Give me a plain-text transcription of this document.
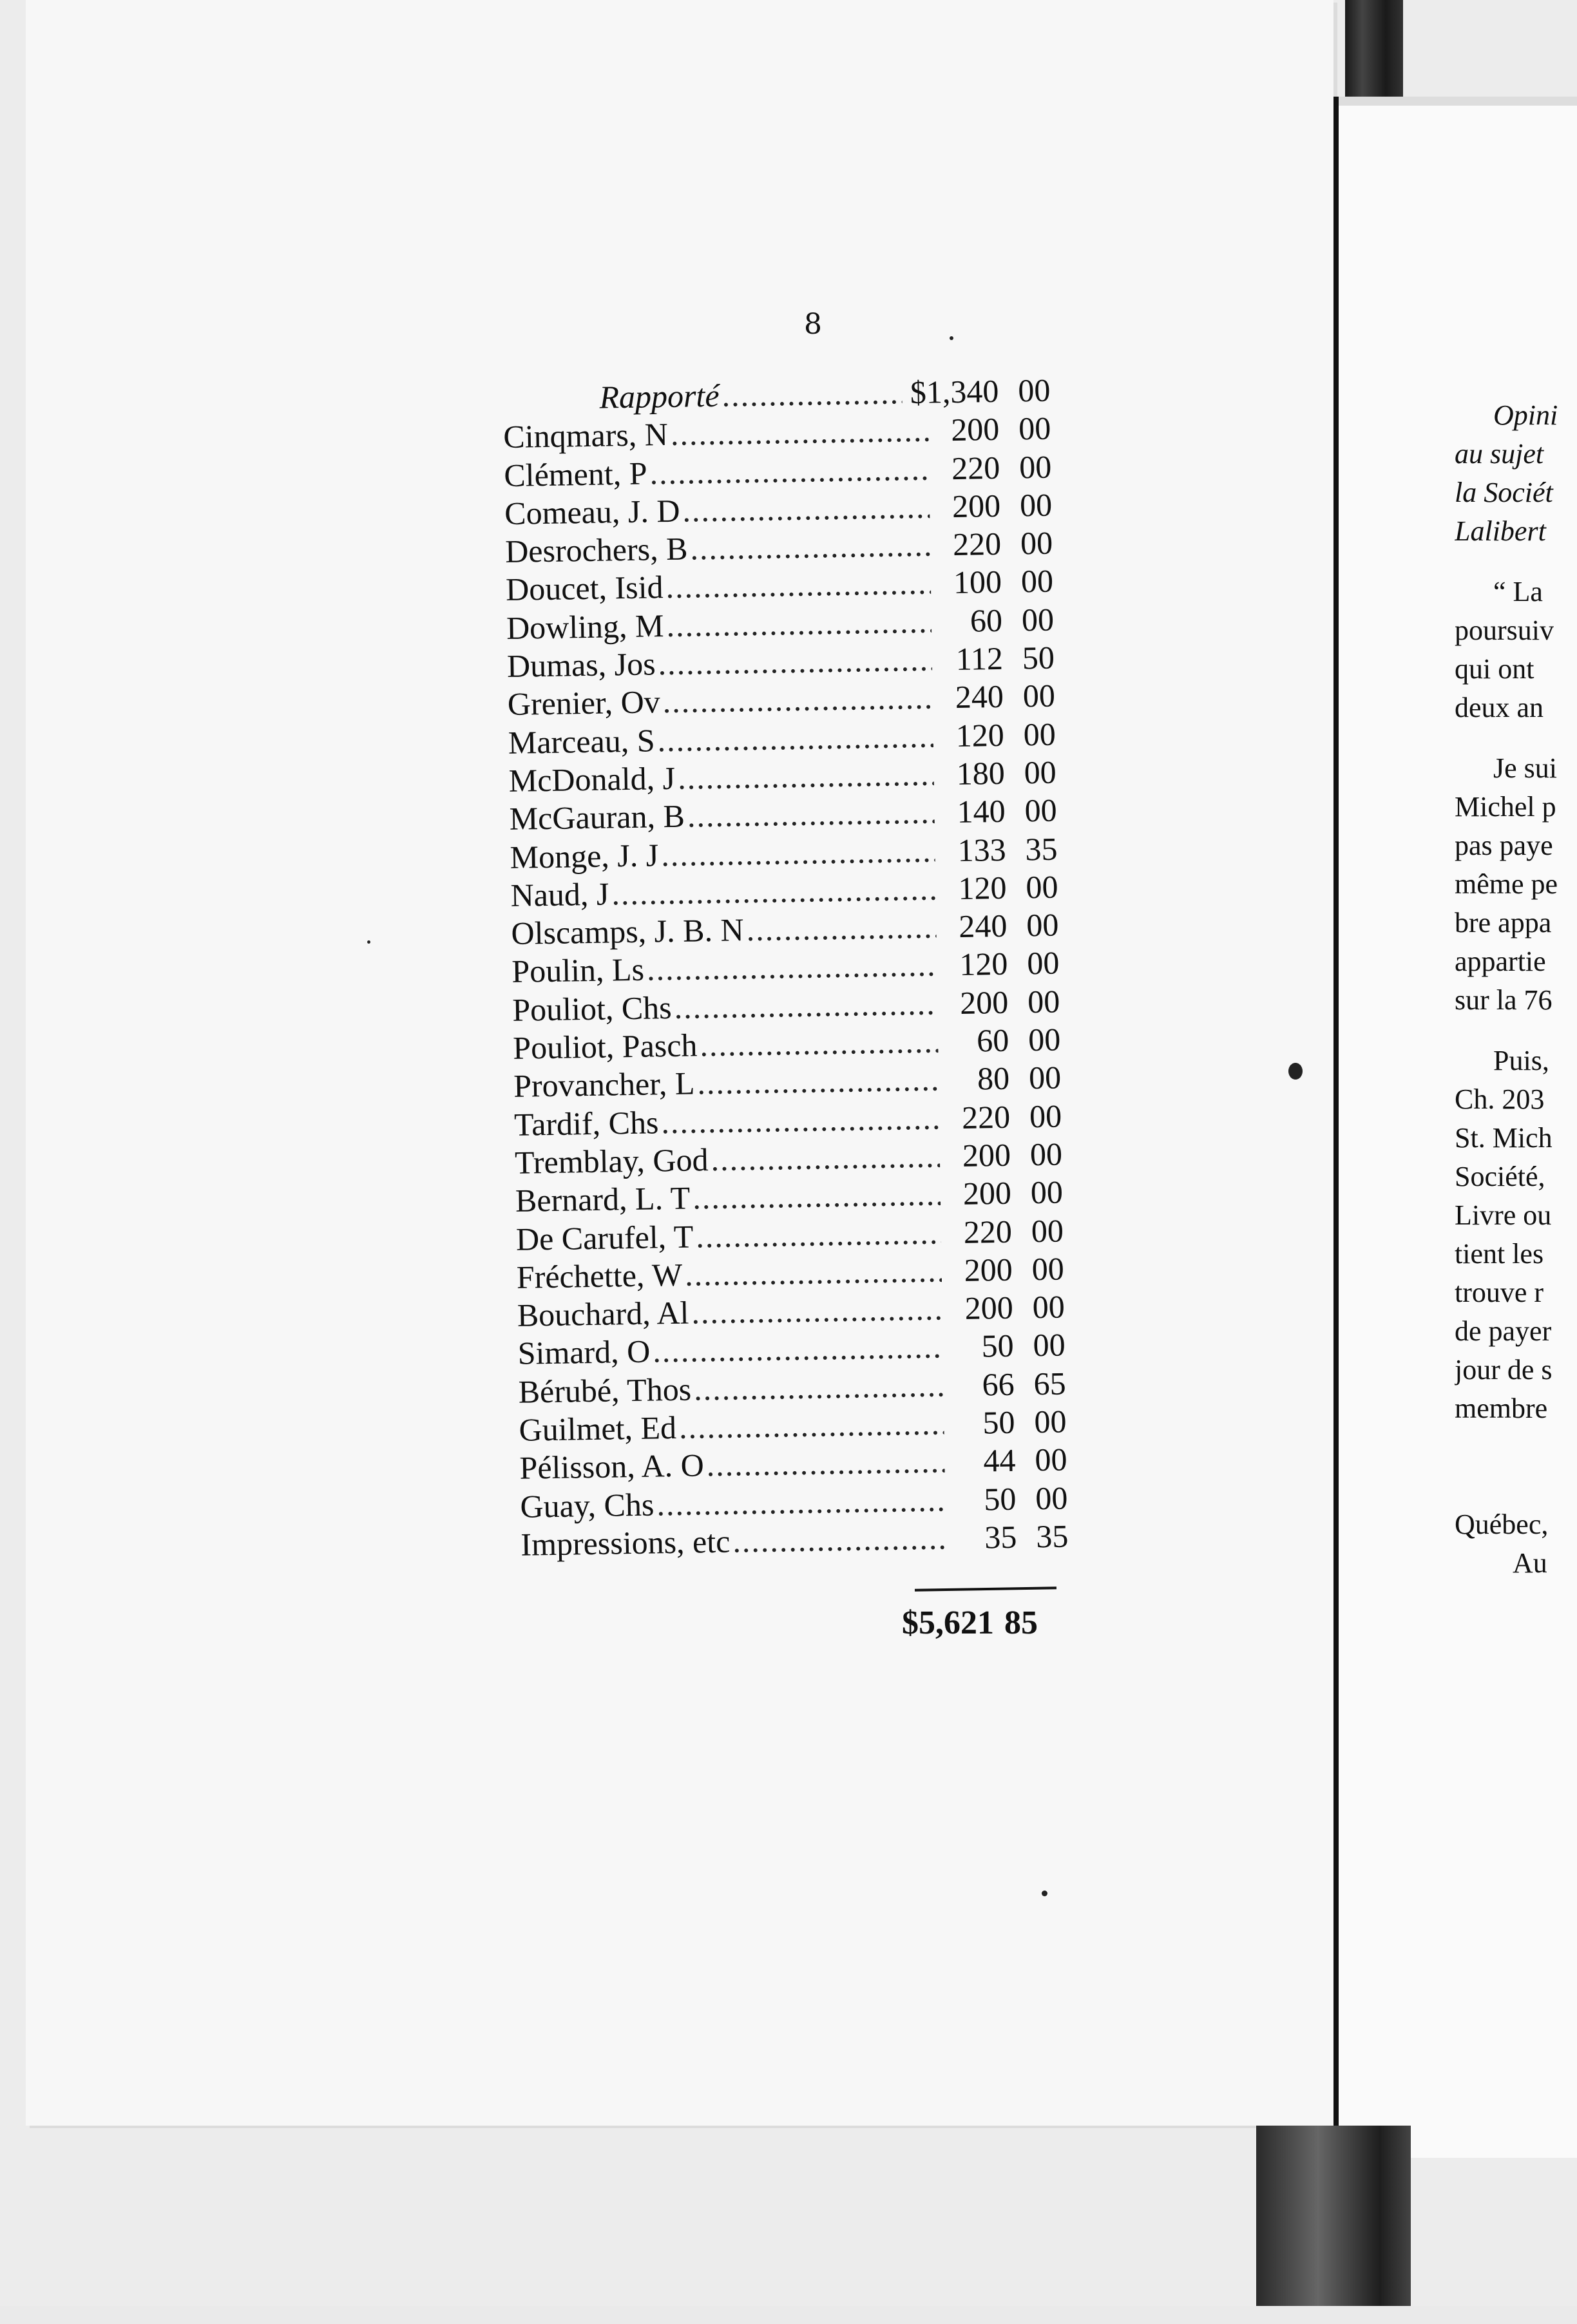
8
Rapporté .....	$1,340 00
Cinqmars, N .....	200 00
Clément, P .....	220 00
Comeau, J. D .....	200 00
Desrochers, B .....	220 00
Doucet, Isid .....	100 00
Dowling, M .....	60 00
Dumas, Jos .....	112 50
Grenier, Ov .....	240 00
Marceau, S .....	120 00
McDonald, J .....	180 00
McGauran, B .....	140 00
Monge, J. J .....	133 35
Naud, J .....	120 00
Olscamps, J. B. N .....	240 00
Poulin, Ls .....	120 00
Pouliot, Chs .....	200 00
Pouliot, Pasch .....	60 00
Provancher, L .....	80 00
Tardif, Chs .....	220 00
Tremblay, God .....	200 00
Bernard, L. T .....	200 00
De Carufel, T .....	220 00
Fréchette, W .....	200 00
Bouchard, Al .....	200 00
Simard, O .....	50 00
Bérubé, Thos .....	66 65
Guilmet, Ed .....	50 00
Pélisson, A. O .....	44 00
Guay, Chs .....	50 00
Impressions, etc .....	35 35
$5,621 85
Opini
au sujet
la Sociét
Lalibert
“ La
poursuiv
qui ont
deux an
Je sui
Michel p
pas paye
même pe
bre appa
appartie
sur la 76
Puis,
Ch. 203
St. Mich
Société,
Livre ou
tient les
trouve r
de payer
jour de s
membre
Québec,
Au
